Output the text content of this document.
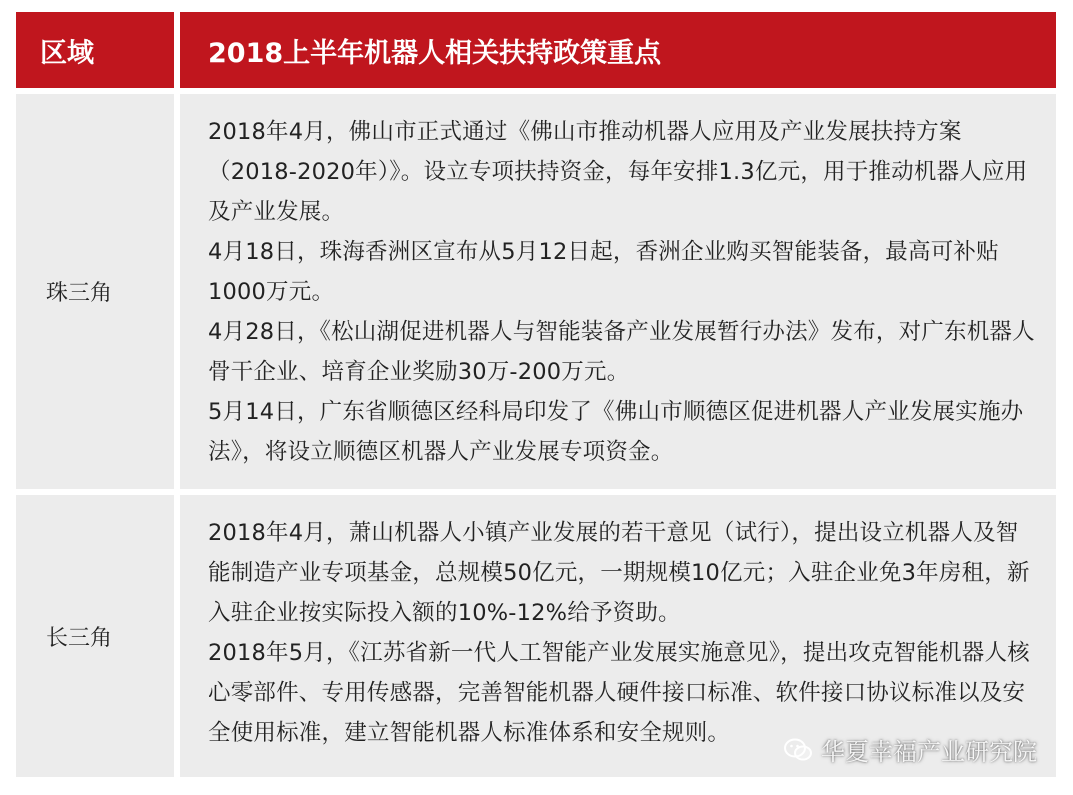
区域	2018上半年机器人相关扶持政策重点
珠三角

2018年4月，佛山市正式通过《佛山市推动机器人应用及产业发展扶持方案（2018-2020年）》。设立专项扶持资金，每年安排1.3亿元，用于推动机器人应用及产业发展。

4月18日，珠海香洲区宣布从5月12日起，香洲企业购买智能装备，最高可补贴1000万元。

4月28日，《松山湖促进机器人与智能装备产业发展暂行办法》发布，对广东机器人骨干企业、培育企业奖励30万-200万元。

5月14日，广东省顺德区经科局印发了《佛山市顺德区促进机器人产业发展实施办法》，将设立顺德区机器人产业发展专项资金。

长三角

2018年4月，萧山机器人小镇产业发展的若干意见（试行），提出设立机器人及智能制造产业专项基金，总规模50亿元，一期规模10亿元；入驻企业免3年房租，新入驻企业按实际投入额的10%-12%给予资助。

2018年5月，《江苏省新一代人工智能产业发展实施意见》，提出攻克智能机器人核心零部件、专用传感器，完善智能机器人硬件接口标准、软件接口协议标准以及安全使用标准，建立智能机器人标准体系和安全规则。

华夏幸福产业研究院
